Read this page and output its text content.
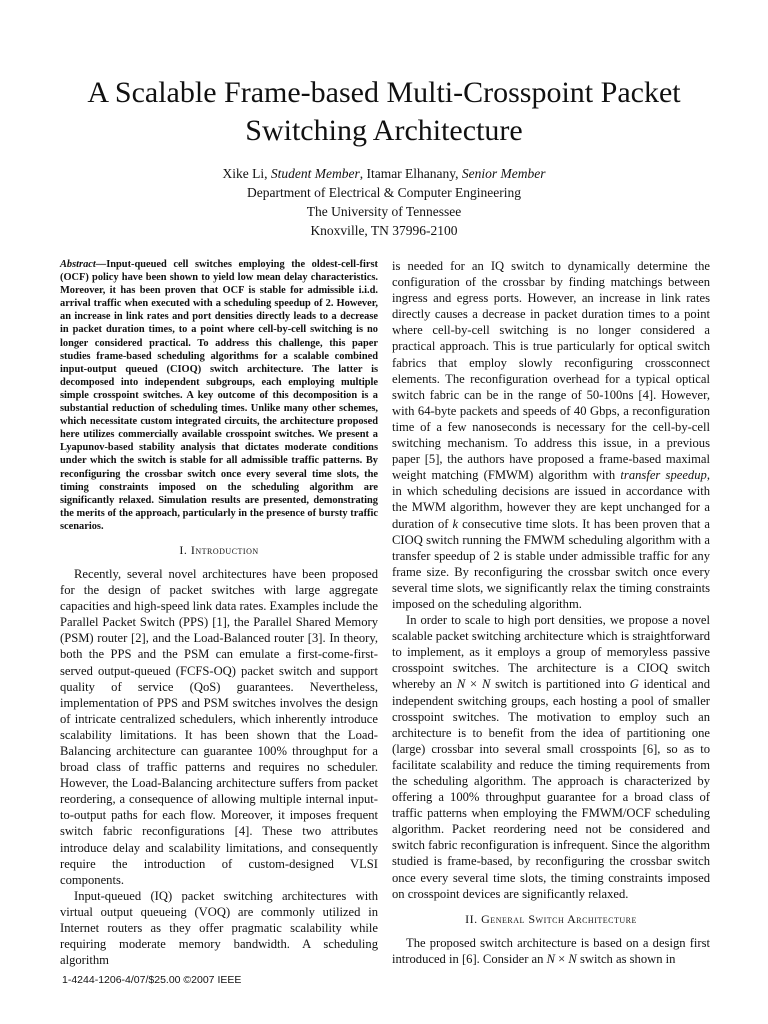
A Scalable Frame-based Multi-Crosspoint Packet
Switching Architecture
Xike Li, Student Member, Itamar Elhanany, Senior Member
Department of Electrical & Computer Engineering
The University of Tennessee
Knoxville, TN 37996-2100
Abstract—Input-queued cell switches employing the oldest-cell-first (OCF) policy have been shown to yield low mean delay characteristics. Moreover, it has been proven that OCF is stable for admissible i.i.d. arrival traffic when executed with a scheduling speedup of 2. However, an increase in link rates and port densities directly leads to a decrease in packet duration times, to a point where cell-by-cell switching is no longer considered practical. To address this challenge, this paper studies frame-based scheduling algorithms for a scalable combined input-output queued (CIOQ) switch architecture. The latter is decomposed into independent subgroups, each employing multiple simple crosspoint switches. A key outcome of this decomposition is a substantial reduction of scheduling times. Unlike many other schemes, which necessitate custom integrated circuits, the architecture proposed here utilizes commercially available crosspoint switches. We present a Lyapunov-based stability analysis that dictates moderate conditions under which the switch is stable for all admissible traffic patterns. By reconfiguring the crossbar switch once every several time slots, the timing constraints imposed on the scheduling algorithm are significantly relaxed. Simulation results are presented, demonstrating the merits of the approach, particularly in the presence of bursty traffic scenarios.
I. Introduction

Recently, several novel architectures have been proposed for the design of packet switches with large aggregate capacities and high-speed link data rates. Examples include the Parallel Packet Switch (PPS) [1], the Parallel Shared Memory (PSM) router [2], and the Load-Balanced router [3]. In theory, both the PPS and the PSM can emulate a first-come-first-served output-queued (FCFS-OQ) packet switch and support quality of service (QoS) guarantees. Nevertheless, implementation of PPS and PSM switches involves the design of intricate centralized schedulers, which inherently introduce scalability limitations. It has been shown that the Load-Balancing architecture can guarantee 100% throughput for a broad class of traffic patterns and requires no scheduler. However, the Load-Balancing architecture suffers from packet reordering, a consequence of allowing multiple internal input-to-output paths for each flow. Moreover, it imposes frequent switch fabric reconfigurations [4]. These two attributes introduce delay and scalability limitations, and consequently require the introduction of custom-designed VLSI components.

Input-queued (IQ) packet switching architectures with virtual output queueing (VOQ) are commonly utilized in Internet routers as they offer pragmatic scalability while requiring moderate memory bandwidth. A scheduling algorithm

is needed for an IQ switch to dynamically determine the configuration of the crossbar by finding matchings between ingress and egress ports. However, an increase in link rates directly causes a decrease in packet duration times to a point where cell-by-cell switching is no longer considered a practical approach. This is true particularly for optical switch fabrics that employ slowly reconfiguring crossconnect elements. The reconfiguration overhead for a typical optical switch fabric can be in the range of 50-100ns [4]. However, with 64-byte packets and speeds of 40 Gbps, a reconfiguration time of a few nanoseconds is necessary for the cell-by-cell switching mechanism. To address this issue, in a previous paper [5], the authors have proposed a frame-based maximal weight matching (FMWM) algorithm with transfer speedup, in which scheduling decisions are issued in accordance with the MWM algorithm, however they are kept unchanged for a duration of k consecutive time slots. It has been proven that a CIOQ switch running the FMWM scheduling algorithm with a transfer speedup of 2 is stable under admissible traffic for any frame size. By reconfiguring the crossbar switch once every several time slots, we significantly relax the timing constraints imposed on the scheduling algorithm.

In order to scale to high port densities, we propose a novel scalable packet switching architecture which is straightforward to implement, as it employs a group of memoryless passive crosspoint switches. The architecture is a CIOQ switch whereby an N × N switch is partitioned into G identical and independent switching groups, each hosting a pool of smaller crosspoint switches. The motivation to employ such an architecture is to benefit from the idea of partitioning one (large) crossbar into several small crosspoints [6], so as to facilitate scalability and reduce the timing requirements from the scheduling algorithm. The approach is characterized by offering a 100% throughput guarantee for a broad class of traffic patterns when employing the FMWM/OCF scheduling algorithm. Packet reordering need not be considered and switch fabric reconfiguration is infrequent. Since the algorithm studied is frame-based, by reconfiguring the crossbar switch once every several time slots, the timing constraints imposed on crosspoint devices are significantly relaxed.

II. General Switch Architecture

The proposed switch architecture is based on a design first introduced in [6]. Consider an N × N switch as shown in

1-4244-1206-4/07/$25.00 ©2007 IEEE
